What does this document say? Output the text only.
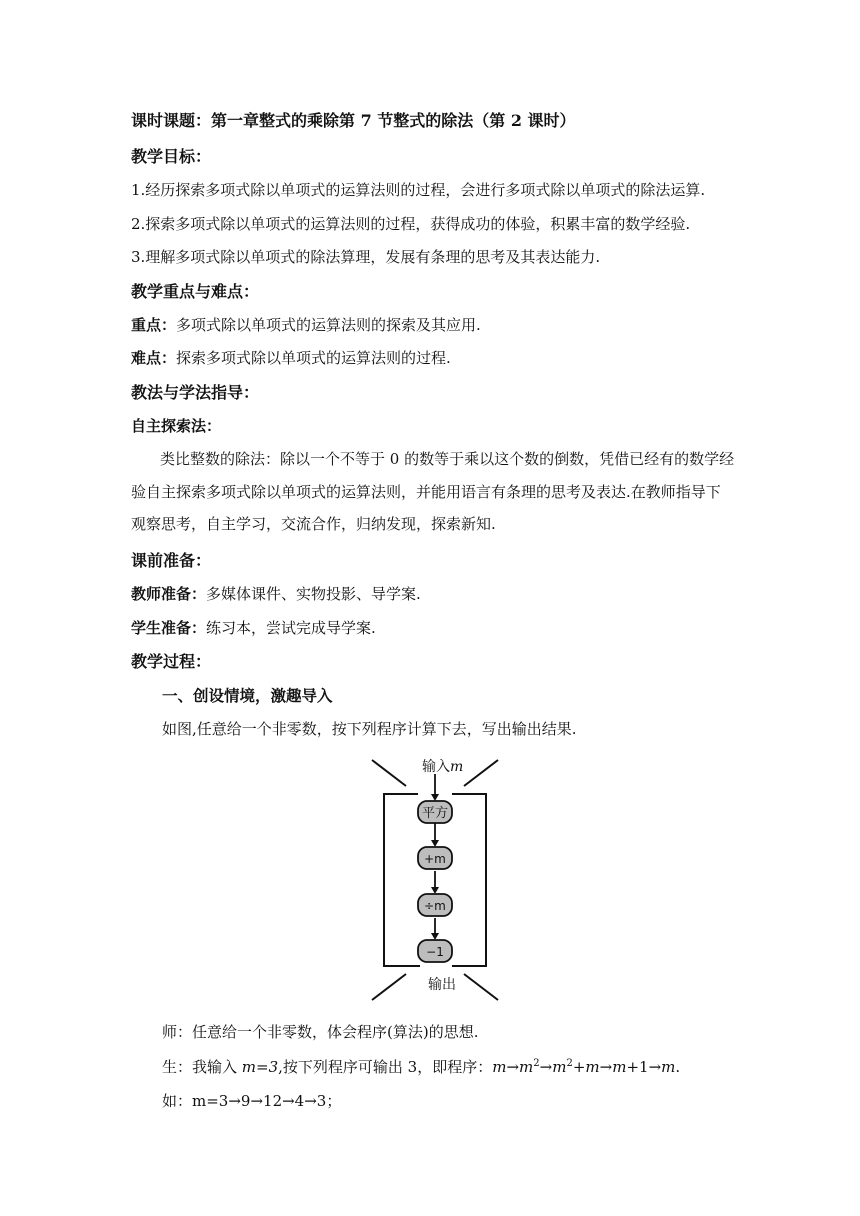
课时课题：第一章整式的乘除第 7 节整式的除法（第 2 课时）
教学目标：
1.经历探索多项式除以单项式的运算法则的过程，会进行多项式除以单项式的除法运算.
2.探索多项式除以单项式的运算法则的过程，获得成功的体验，积累丰富的数学经验.
3.理解多项式除以单项式的除法算理，发展有条理的思考及其表达能力.
教学重点与难点：
重点：多项式除以单项式的运算法则的探索及其应用.
难点：探索多项式除以单项式的运算法则的过程.
教法与学法指导：
自主探索法：
类比整数的除法：除以一个不等于 0 的数等于乘以这个数的倒数，凭借已经有的数学经
验自主探索多项式除以单项式的运算法则，并能用语言有条理的思考及表达.在教师指导下
观察思考，自主学习，交流合作，归纳发现，探索新知.
课前准备：
教师准备：多媒体课件、实物投影、导学案.
学生准备：练习本，尝试完成导学案.
教学过程：
一、创设情境，激趣导入
如图,任意给一个非零数，按下列程序计算下去，写出输出结果.
输入m
平方
+m
÷m
−1
输出
师：任意给一个非零数，体会程序(算法)的思想.
生：我输入 m=3,按下列程序可输出 3，即程序：$m\to m^2\to m^2+m\to m+1\to m$.
如：m=3→9→12→4→3；
